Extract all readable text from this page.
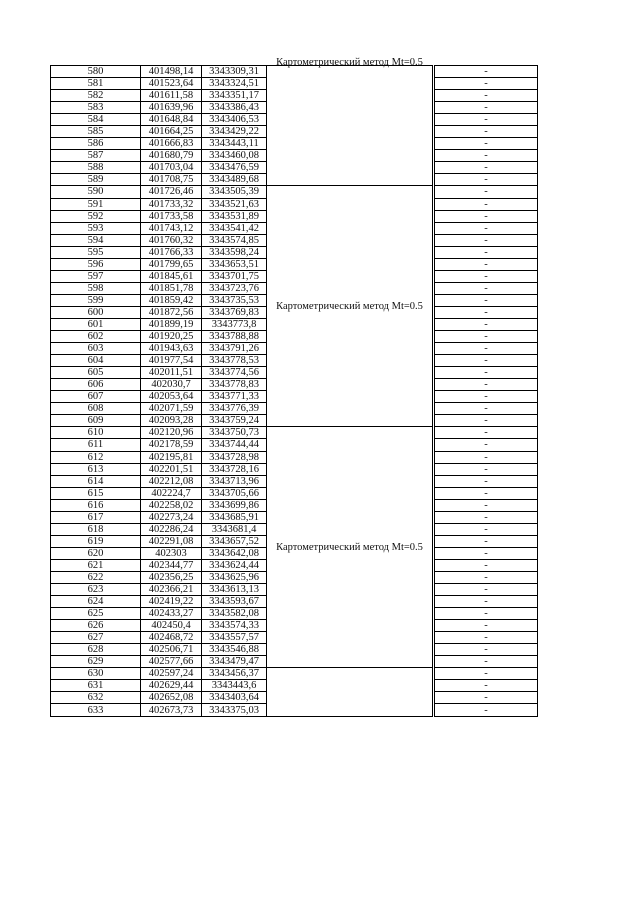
580	401498,14	3343309,31	Картометрический метод Mt=0.5		-
581	401523,64	3343324,51			-
582	401611,58	3343351,17			-
583	401639,96	3343386,43			-
584	401648,84	3343406,53			-
585	401664,25	3343429,22			-
586	401666,83	3343443,11			-
587	401680,79	3343460,08			-
588	401703,04	3343476,59			-
589	401708,75	3343489,68			-
590	401726,46	3343505,39	Картометрический метод Mt=0.5		-
591	401733,32	3343521,63			-
592	401733,58	3343531,89			-
593	401743,12	3343541,42			-
594	401760,32	3343574,85			-
595	401766,33	3343598,24			-
596	401799,65	3343653,51			-
597	401845,61	3343701,75			-
598	401851,78	3343723,76			-
599	401859,42	3343735,53			-
600	401872,56	3343769,83			-
601	401899,19	3343773,8			-
602	401920,25	3343788,88			-
603	401943,63	3343791,26			-
604	401977,54	3343778,53			-
605	402011,51	3343774,56			-
606	402030,7	3343778,83			-
607	402053,64	3343771,33			-
608	402071,59	3343776,39			-
609	402093,28	3343759,24			-
610	402120,96	3343750,73	Картометрический метод Mt=0.5		-
611	402178,59	3343744,44			-
612	402195,81	3343728,98			-
613	402201,51	3343728,16			-
614	402212,08	3343713,96			-
615	402224,7	3343705,66			-
616	402258,02	3343699,86			-
617	402273,24	3343685,91			-
618	402286,24	3343681,4			-
619	402291,08	3343657,52			-
620	402303	3343642,08			-
621	402344,77	3343624,44			-
622	402356,25	3343625,96			-
623	402366,21	3343613,13			-
624	402419,22	3343593,67			-
625	402433,27	3343582,08			-
626	402450,4	3343574,33			-
627	402468,72	3343557,57			-
628	402506,71	3343546,88			-
629	402577,66	3343479,47			-
630	402597,24	3343456,37			-
631	402629,44	3343443,6			-
632	402652,08	3343403,64			-
633	402673,73	3343375,03			-
